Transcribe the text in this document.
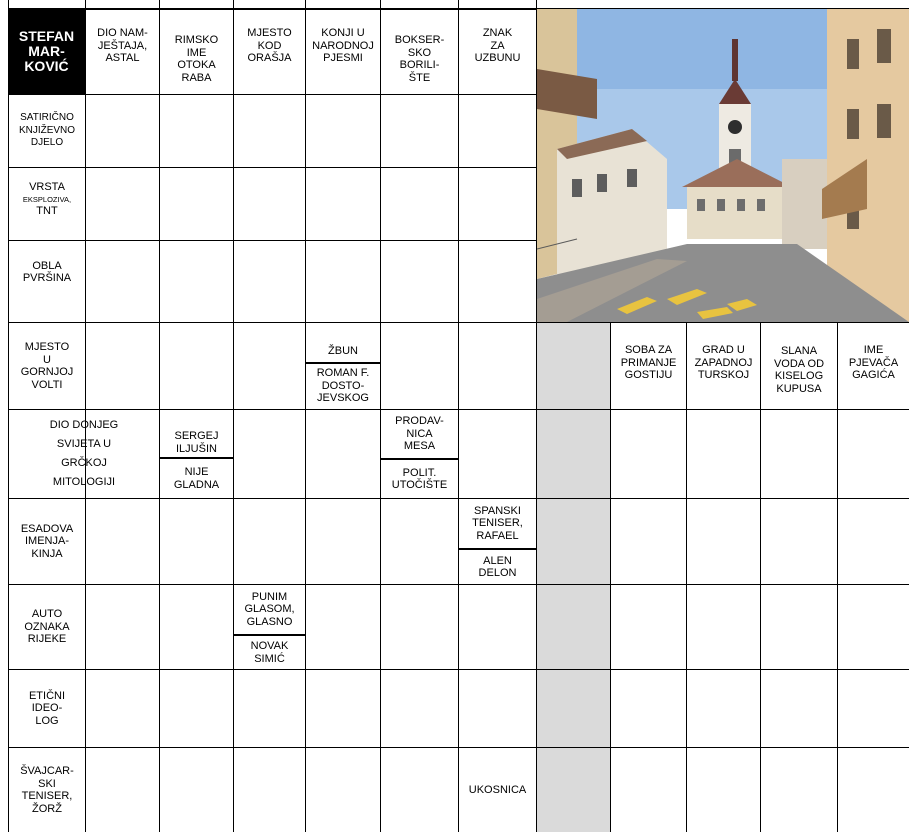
STEFAN
MAR-
KOVIĆ
DIO NAM-
JEŠTAJA,
ASTAL
RIMSKO
IME
OTOKA
RABA
MJESTO
KOD
ORAŠJA
KONJI U
NARODNOJ
PJESMI
BOKSER-
SKO
BORILI-
ŠTE
ZNAK
ZA
UZBUNU
SOBA ZA
PRIMANJE
GOSTIJU
GRAD U
ZAPADNOJ
TURSKOJ
SLANA
VODA OD
KISELOG
KUPUSA
IME
PJEVAČA
GAGIĆA
SATIRIČNO
KNJIŽEVNO
DJELO
VRSTA
EKSPLOZIVA,
TNT
OBLA
PVRŠINA
MJESTO
U
GORNJOJ
VOLTI
DIO DONJEG
SVIJETA U
GRČKOJ
MITOLOGIJI
ESADOVA
IMENJA-
KINJA
AUTO
OZNAKA
RIJEKE
ETIČNI
IDEO-
LOG
ŠVAJCAR-
SKI
TENISER,
ŽORŽ
ŽBUN
ROMAN F.
DOSTO-
JEVSKOG
SERGEJ
ILJUŠIN
NIJE
GLADNA
PRODAV-
NICA
MESA
POLIT.
UTOČIŠTE
SPANSKI
TENISER,
RAFAEL
ALEN
DELON
PUNIM
GLASOM,
GLASNO
NOVAK
SIMIĆ
UKOSNICA
